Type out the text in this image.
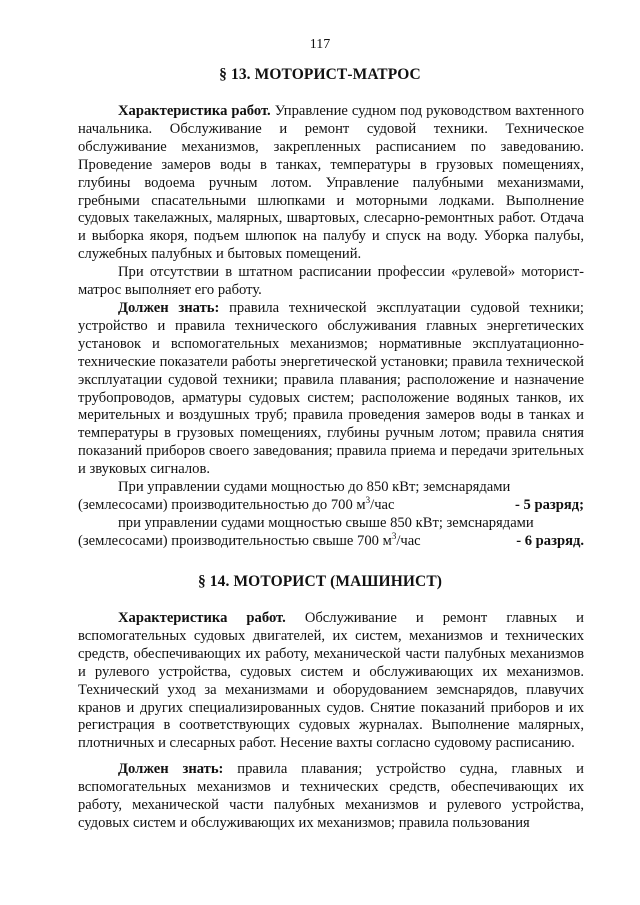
117
§ 13. МОТОРИСТ-МАТРОС

Характеристика работ. Управление судном под руководством вахтенного начальника. Обслуживание и ремонт судовой техники. Техническое обслуживание механизмов, закрепленных расписанием по заведованию. Проведение замеров воды в танках, температуры в грузовых помещениях, глубины водоема ручным лотом. Управление палубными механизмами, гребными спасательными шлюпками и моторными лодками. Выполнение судовых такелажных, малярных, швартовых, слесарно-ремонтных работ. Отдача и выборка якоря, подъем шлюпок на палубу и спуск на воду. Уборка палубы, служебных палубных и бытовых помещений.

При отсутствии в штатном расписании профессии «рулевой» моторист-матрос выполняет его работу.

Должен знать: правила технической эксплуатации судовой техники; устройство и правила технического обслуживания главных энергетических установок и вспомогательных механизмов; нормативные эксплуатационно-технические показатели работы энергетической установки; правила технической эксплуатации судовой техники; правила плавания; расположение и назначение трубопроводов, арматуры судовых систем; расположение водяных танков, их мерительных и воздушных труб; правила проведения замеров воды в танках и температуры в грузовых помещениях, глубины ручным лотом; правила снятия показаний приборов своего заведования; правила приема и передачи зрительных и звуковых сигналов.

При управлении судами мощностью до 850 кВт; земснарядами

(землесосами) производительностью до 700 $м^3$/час	- 5 разряд;

при управлении судами мощностью свыше 850 кВт; земснарядами

(землесосами) производительностью свыше 700 $м^3$/час	- 6 разряд.

§ 14. МОТОРИСТ (МАШИНИСТ)

Характеристика работ. Обслуживание и ремонт главных и вспомогательных судовых двигателей, их систем, механизмов и технических средств, обеспечивающих их работу, механической части палубных механизмов и рулевого устройства, судовых систем и обслуживающих их механизмов. Технический уход за механизмами и оборудованием земснарядов, плавучих кранов и других специализированных судов. Снятие показаний приборов и их регистрация в соответствующих судовых журналах. Выполнение малярных, плотничных и слесарных работ. Несение вахты согласно судовому расписанию.

Должен знать: правила плавания; устройство судна, главных и вспомогательных механизмов и технических средств, обеспечивающих их работу, механической части палубных механизмов и рулевого устройства, судовых систем и обслуживающих их механизмов; правила пользования
